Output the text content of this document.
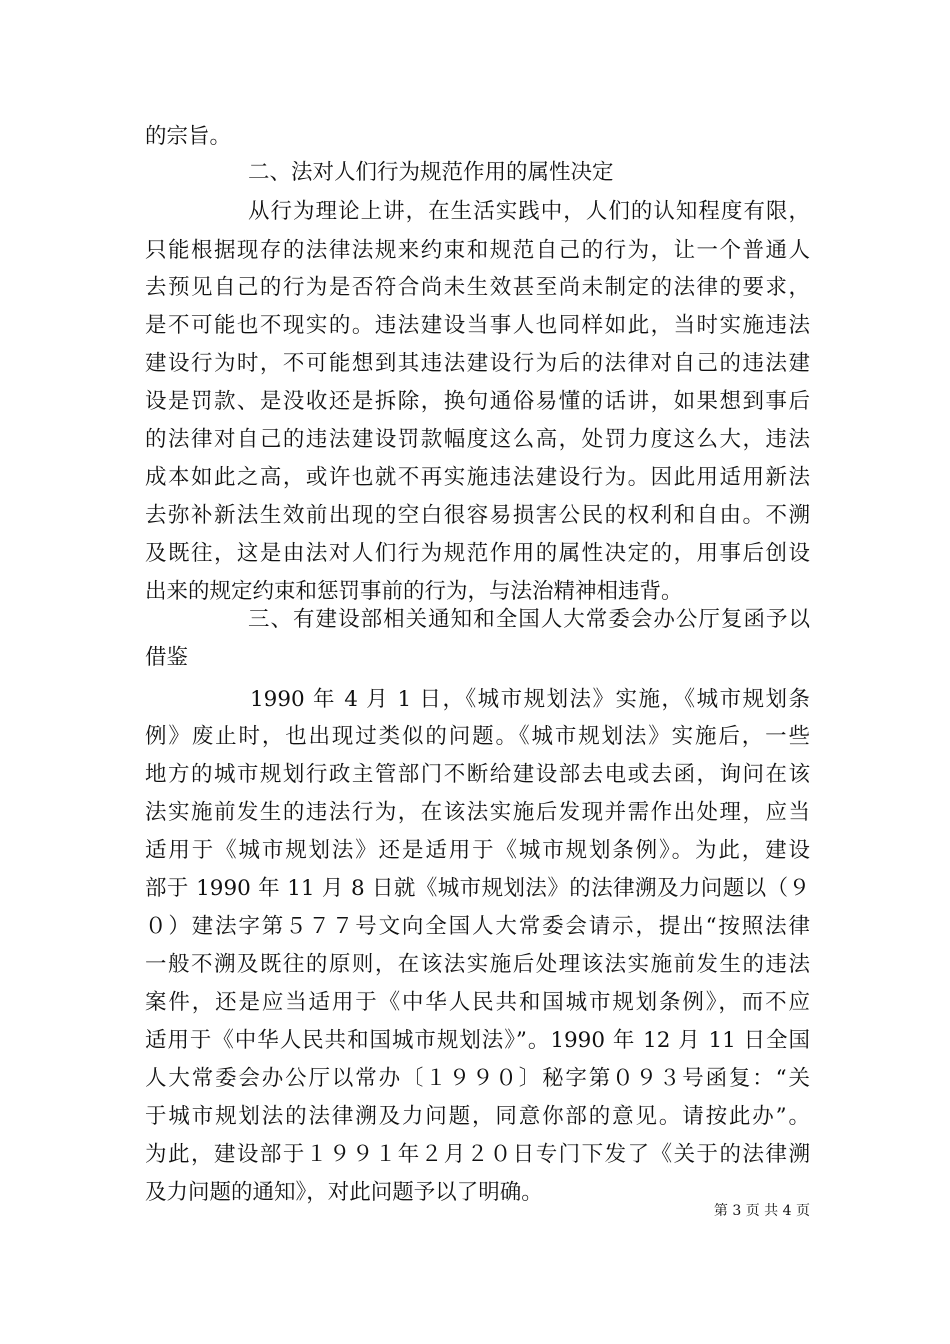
的宗旨。
二、法对人们行为规范作用的属性决定
从行为理论上讲，在生活实践中，人们的认知程度有限，
只能根据现存的法律法规来约束和规范自己的行为，让一个普通人
去预见自己的行为是否符合尚未生效甚至尚未制定的法律的要求，
是不可能也不现实的。违法建设当事人也同样如此，当时实施违法
建设行为时，不可能想到其违法建设行为后的法律对自己的违法建
设是罚款、是没收还是拆除，换句通俗易懂的话讲，如果想到事后
的法律对自己的违法建设罚款幅度这么高，处罚力度这么大，违法
成本如此之高，或许也就不再实施违法建设行为。因此用适用新法
去弥补新法生效前出现的空白很容易损害公民的权利和自由。不溯
及既往，这是由法对人们行为规范作用的属性决定的，用事后创设
出来的规定约束和惩罚事前的行为，与法治精神相违背。
三、有建设部相关通知和全国人大常委会办公厅复函予以
借鉴
1990 年 4 月 1 日，《城市规划法》实施，《城市规划条
例》废止时，也出现过类似的问题。《城市规划法》实施后，一些
地方的城市规划行政主管部门不断给建设部去电或去函，询问在该
法实施前发生的违法行为，在该法实施后发现并需作出处理，应当
适用于《城市规划法》还是适用于《城市规划条例》。为此，建设
部于 1990 年 11 月 8 日就《城市规划法》的法律溯及力问题以（９
０）建法字第５７７号文向全国人大常委会请示，提出“按照法律
一般不溯及既往的原则，在该法实施后处理该法实施前发生的违法
案件，还是应当适用于《中华人民共和国城市规划条例》，而不应
适用于《中华人民共和国城市规划法》”。1990 年 12 月 11 日全国
人大常委会办公厅以常办〔１９９０〕秘字第０９３号函复：“关
于城市规划法的法律溯及力问题，同意你部的意见。请按此办”。
为此，建设部于１９９１年２月２０日专门下发了《关于的法律溯
及力问题的通知》，对此问题予以了明确。
第 3 页 共 4 页
